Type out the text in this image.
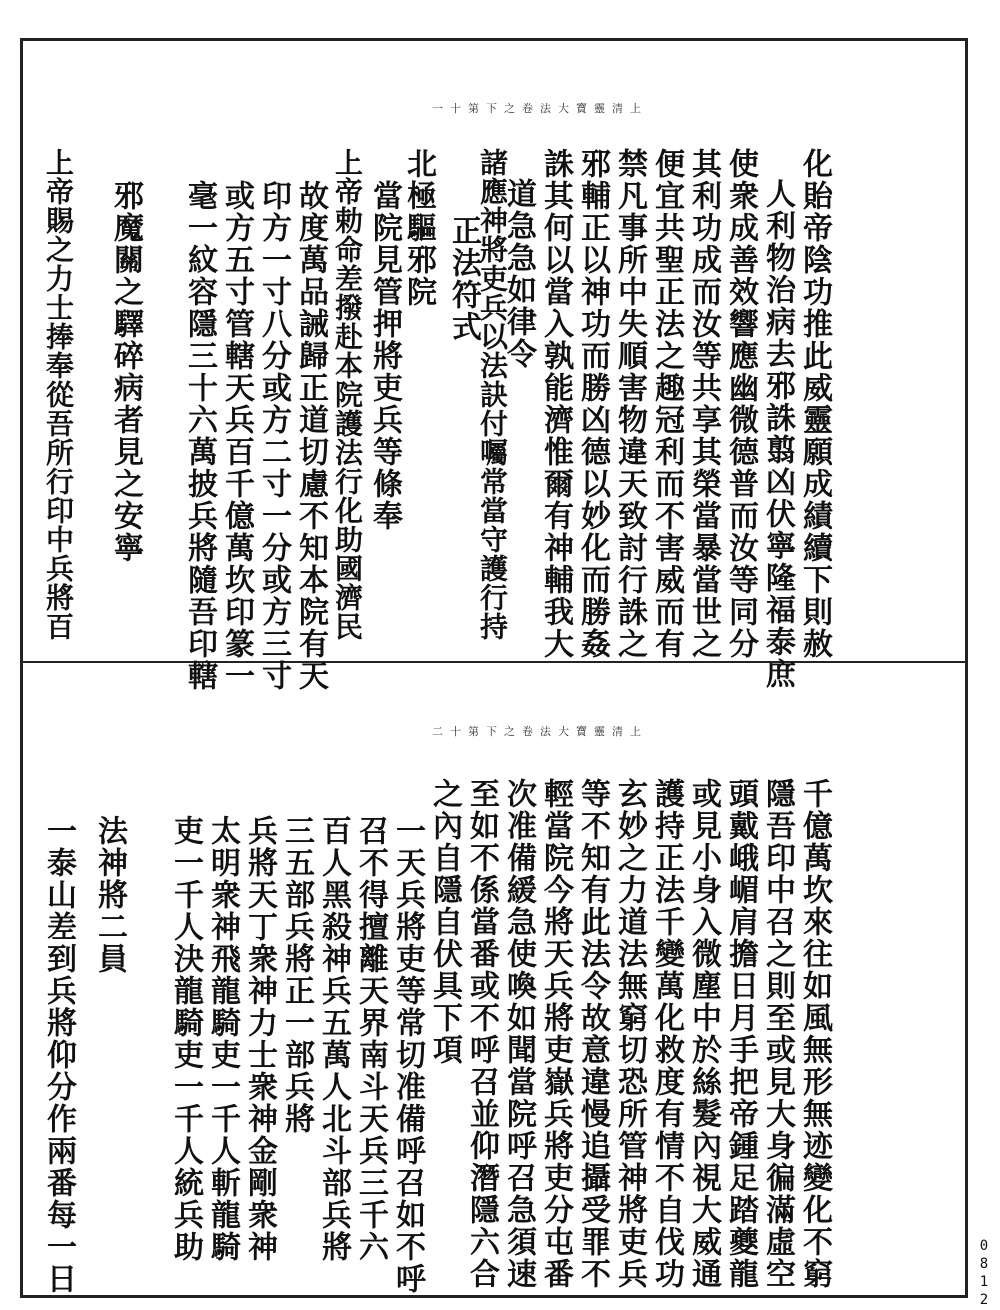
上清靈寶大法卷之下第十一
上清靈寶大法卷之下第十二
化貽帝陰功推此威靈願成績續下則赦
人利物治病去邪誅翦凶伏寧隆福泰庶
使衆成善效響應幽微德普而汝等同分
其利功成而汝等共享其榮當暴當世之
便宜共聖正法之趣冠利而不害威而有
禁凡事所中失順害物違天致討行誅之
邪輔正以神功而勝凶德以妙化而勝姦
誅其何以當入孰能濟惟爾有神輔我大
道急急如律令
諸應神將吏兵以法訣付囑常當守護行持
正法符式
北極驅邪院
當院見管押將吏兵等條奉
上帝勅命差撥赴本院護法行化助國濟民
故度萬品誡歸正道切慮不知本院有天
印方一寸八分或方二寸一分或方三寸
或方五寸管轄天兵百千億萬坎印篆一
毫一紋容隱三十六萬披兵將隨吾印轄
邪魔關之驛碎病者見之安寧
上帝賜之力士捧奉從吾所行印中兵將百
千億萬坎來往如風無形無迹變化不窮
隱吾印中召之則至或見大身徧滿虛空
頭戴峨嵋肩擔日月手把帝鍾足踏夔龍
或見小身入微塵中於絲髮內視大威通
護持正法千變萬化救度有情不自伐功
玄妙之力道法無窮切恐所管神將吏兵
等不知有此法令故意違慢追攝受罪不
輕當院今將天兵將吏嶽兵將吏分屯番
次准備緩急使喚如聞當院呼召急須速
至如不係當番或不呼召並仰潛隱六合
之內自隱自伏具下項
一天兵將吏等常切准備呼召如不呼
召不得擅離天界南斗天兵三千六
百人黑殺神兵五萬人北斗部兵將
三五部兵將正一部兵將
兵將天丁衆神力士衆神金剛衆神
太明衆神飛龍騎吏一千人斬龍騎
吏一千人決龍騎吏一千人統兵助
法神將二員
一泰山差到兵將仰分作兩番每一日	0812
